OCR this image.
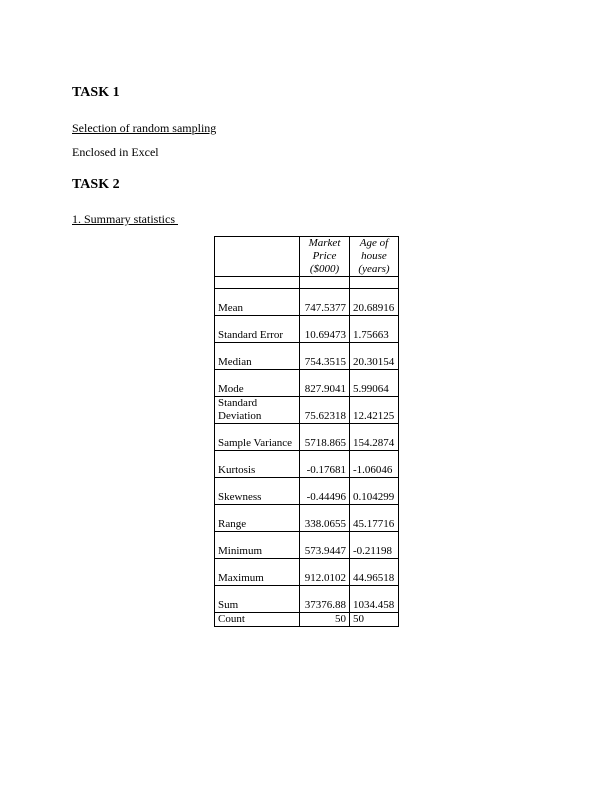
TASK 1
Selection of random sampling
Enclosed in Excel
TASK 2
1. Summary statistics
	Market Price ($000)	Age of house (years)

Mean	747.5377	20.68916
Standard Error	10.69473	1.75663
Median	754.3515	20.30154
Mode	827.9041	5.99064
Standard Deviation	75.62318	12.42125
Sample Variance	5718.865	154.2874
Kurtosis	-0.17681	-1.06046
Skewness	-0.44496	0.104299
Range	338.0655	45.17716
Minimum	573.9447	-0.21198
Maximum	912.0102	44.96518
Sum	37376.88	1034.458
Count	50	50
